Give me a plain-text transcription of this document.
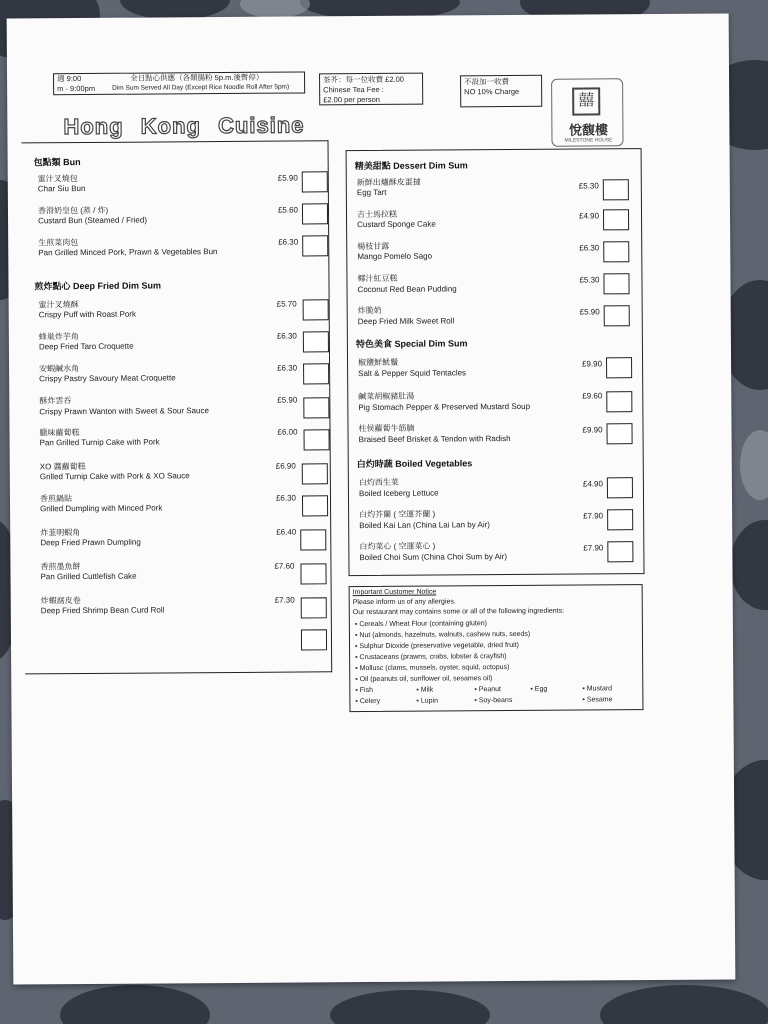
週 9:00	全日點心供應（各類腸粉 5p.m.後暫停）
m - 9:00pm	Dim Sum Served All Day (Except Rice Noodle Roll After 5pm)
茶芥：每一位收費 £2.00
Chinese Tea Fee :
£2.00 per person
不設加一收費
NO 10% Charge
Hong Kong Cuisine
囍
悅馥樓
MILESTONE HOUSE
包點類 Bun
蜜汁叉燒包
Char Siu Bun
£5.90
香滑奶皇包 (蒸 / 炸)
Custard Bun (Steamed / Fried)
£5.60
生煎菜肉包
Pan Grilled Minced Pork, Prawn & Vegetables Bun
£6.30
煎炸點心 Deep Fried Dim Sum
蜜汁叉燒酥
Crispy Puff with Roast Pork
£5.70
蜂巢炸芋角
Deep Fried Taro Croquette
£6.30
安蝦鹹水角
Crispy Pastry Savoury Meat Croquette
£6.30
酥炸雲吞
Crispy Prawn Wanton with Sweet & Sour Sauce
£5.90
臘味蘿蔔糕
Pan Grilled Turnip Cake with Pork
£6.00
XO 醬蘿蔔糕
Grilled Turnip Cake with Pork & XO Sauce
£6.90
香煎鍋貼
Grilled Dumpling with Minced Pork
£6.30
炸韮明蝦角
Deep Fried Prawn Dumpling
£6.40
香煎墨魚餅
Pan Grilled Cuttlefish Cake
£7.60
炸蝦腐皮卷
Deep Fried Shrimp Bean Curd Roll
£7.30
精美甜點 Dessert Dim Sum
新鮮出爐酥皮蛋撻
Egg Tart
£5.30
吉士馬拉糕
Custard Sponge Cake
£4.90
楊枝甘露
Mango Pomelo Sago
£6.30
椰汁紅豆糕
Coconut Red Bean Pudding
£5.30
炸脆奶
Deep Fried Milk Sweet Roll
£5.90
特色美食 Special Dim Sum
椒鹽鮮魷鬚
Salt & Pepper Squid Tentacles
£9.90
鹹菜胡椒豬肚湯
Pig Stomach Pepper & Preserved Mustard Soup
£9.60
柱侯蘿蔔牛筋腩
Braised Beef Brisket & Tendon with Radish
£9.90
白灼時蔬 Boiled Vegetables
白灼西生菜
Boiled Iceberg Lettuce
£4.90
白灼芥蘭 ( 空運芥蘭 )
Boiled Kai Lan (China Lai Lan by Air)
£7.90
白灼菜心 ( 空運菜心 )
Boiled Choi Sum (China Choi Sum by Air)
£7.90
Important Customer Notice
Please inform us of any allergies.
Our restaurant may contains some or all of the following ingredients:
▪ Cereals / Wheat Flour (containing gluten)
▪ Nut (almonds, hazelnuts, walnuts, cashew nuts, seeds)
▪ Sulphur Dioxide (preservative vegetable, dried fruit)
▪ Crustaceans (prawns, crabs, lobster & crayfish)
▪ Mollusc (clams, mussels, oyster, squid, octopus)
▪ Oil (peanuts oil, sunflower oil, sesames oil)
▪ Fish	▪ Milk	▪ Peanut	▪ Egg	▪ Mustard
▪ Celery	▪ Lupin	▪ Soy-beans	▪ Sesame
